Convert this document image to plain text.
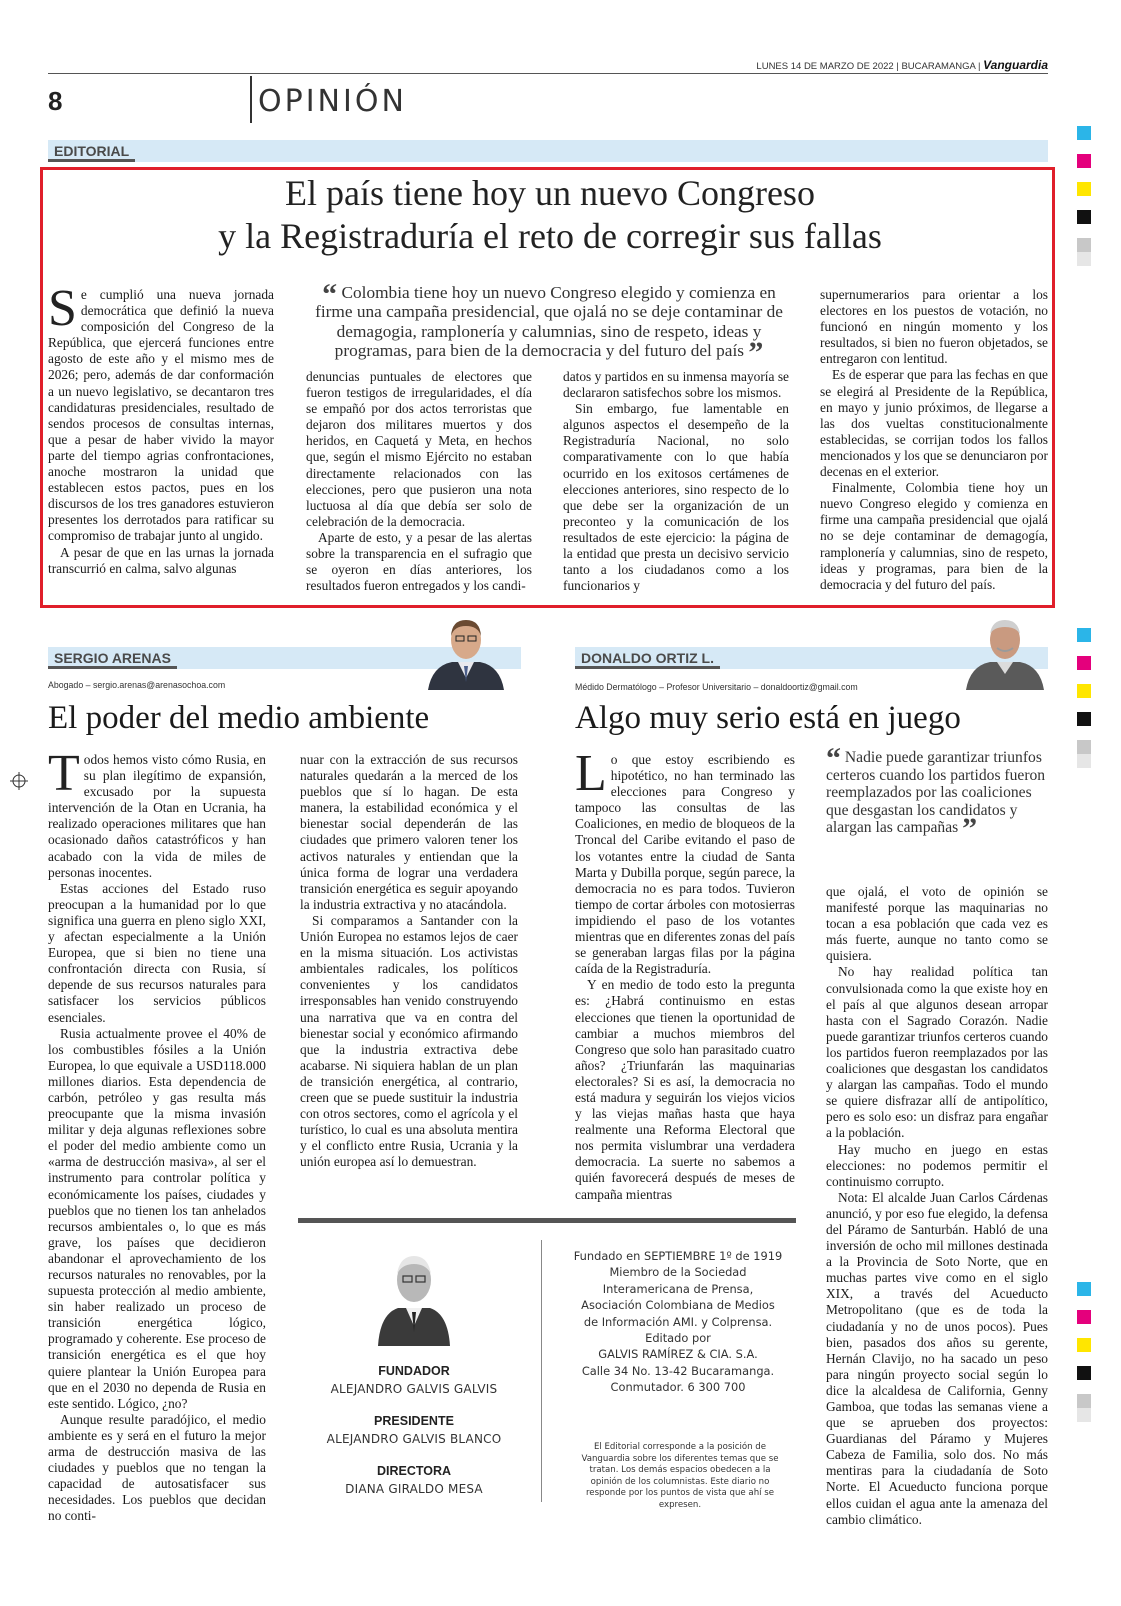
LUNES 14 DE MARZO DE 2022 | BUCARAMANGA | Vanguardia
8	OPINIÓN
EDITORIAL
El país tiene hoy un nuevo Congreso
y la Registraduría el reto de corregir sus fallas

Se cumplió una nueva jornada democrática que definió la nueva composición del Congreso de la República, que ejercerá funciones entre agosto de este año y el mismo mes de 2026; pero, además de dar conformación a un nuevo legislativo, se decantaron tres candidaturas presidenciales, resultado de sendos procesos de consultas internas, que a pesar de haber vivido la mayor parte del tiempo agrias confrontaciones, anoche mostraron la unidad que establecen estos pactos, pues en los discursos de los tres ganadores estuvieron presentes los derrotados para ratificar su compromiso de trabajar junto al ungido.

A pesar de que en las urnas la jornada transcurrió en calma, salvo algunas

“ Colombia tiene hoy un nuevo Congreso elegido y comienza en firme una campaña presidencial, que ojalá no se deje contaminar de demagogia, ramplonería y calumnias, sino de respeto, ideas y programas, para bien de la democracia y del futuro del país ”

denuncias puntuales de electores que fueron testigos de irregularidades, el día se empañó por dos actos terroristas que dejaron dos militares muertos y dos heridos, en Caquetá y Meta, en hechos que, según el mismo Ejército no estaban directamente relacionados con las elecciones, pero que pusieron una nota luctuosa al día que debía ser solo de celebración de la democracia.

Aparte de esto, y a pesar de las alertas sobre la transparencia en el sufragio que se oyeron en días anteriores, los resultados fueron entregados y los candi-

datos y partidos en su inmensa mayoría se declararon satisfechos sobre los mismos.

Sin embargo, fue lamentable en algunos aspectos el desempeño de la Registraduría Nacional, no solo comparativamente con lo que había ocurrido en los exitosos certámenes de elecciones anteriores, sino respecto de lo que debe ser la organización de un preconteo y la comunicación de los resultados de este ejercicio: la página de la entidad que presta un decisivo servicio tanto a los ciudadanos como a los funcionarios y

supernumerarios para orientar a los electores en los puestos de votación, no funcionó en ningún momento y los resultados, si bien no fueron objetados, se entregaron con lentitud.

Es de esperar que para las fechas en que se elegirá al Presidente de la República, en mayo y junio próximos, de llegarse a las dos vueltas constitucionalmente establecidas, se corrijan todos los fallos mencionados y los que se denunciaron por decenas en el exterior.

Finalmente, Colombia tiene hoy un nuevo Congreso elegido y comienza en firme una campaña presidencial que ojalá no se deje contaminar de demagogía, ramplonería y calumnias, sino de respeto, ideas y programas, para bien de la democracia y del futuro del país.

SERGIO ARENAS
Abogado – sergio.arenas@arenasochoa.com
El poder del medio ambiente

Todos hemos visto cómo Rusia, en su plan ilegítimo de expansión, excusado por la supuesta intervención de la Otan en Ucrania, ha realizado operaciones militares que han ocasionado daños catastróficos y han acabado con la vida de miles de personas inocentes.

Estas acciones del Estado ruso preocupan a la humanidad por lo que significa una guerra en pleno siglo XXI, y afectan especialmente a la Unión Europea, que si bien no tiene una confrontación directa con Rusia, sí depende de sus recursos naturales para satisfacer los servicios públicos esenciales.

Rusia actualmente provee el 40% de los combustibles fósiles a la Unión Europea, lo que equivale a USD118.000 millones diarios. Esta dependencia de carbón, petróleo y gas resulta más preocupante que la misma invasión militar y deja algunas reflexiones sobre el poder del medio ambiente como un «arma de destrucción masiva», al ser el instrumento para controlar política y económicamente los países, ciudades y pueblos que no tienen los tan anhelados recursos ambientales o, lo que es más grave, los países que decidieron abandonar el aprovechamiento de los recursos naturales no renovables, por la supuesta protección al medio ambiente, sin haber realizado un proceso de transición energética lógico, programado y coherente. Ese proceso de transición energética es el que hoy quiere plantear la Unión Europea para que en el 2030 no dependa de Rusia en este sentido. Lógico, ¿no?

Aunque resulte paradójico, el medio ambiente es y será en el futuro la mejor arma de destrucción masiva de las ciudades y pueblos que no tengan la capacidad de autosatisfacer sus necesidades. Los pueblos que decidan no conti-

nuar con la extracción de sus recursos naturales quedarán a la merced de los pueblos que sí lo hagan. De esta manera, la estabilidad económica y el bienestar social dependerán de las ciudades que primero valoren tener los activos naturales y entiendan que la única forma de lograr una verdadera transición energética es seguir apoyando la industria extractiva y no atacándola.

Si comparamos a Santander con la Unión Europea no estamos lejos de caer en la misma situación. Los activistas ambientales radicales, los políticos convenientes y los candidatos irresponsables han venido construyendo una narrativa que va en contra del bienestar social y económico afirmando que la industria extractiva debe acabarse. Ni siquiera hablan de un plan de transición energética, al contrario, creen que se puede sustituir la industria con otros sectores, como el agrícola y el turístico, lo cual es una absoluta mentira y el conflicto entre Rusia, Ucrania y la unión europea así lo demuestran.

DONALDO ORTIZ L.
Médido Dermatólogo – Profesor Universitario – donaldoortiz@gmail.com
Algo muy serio está en juego

Lo que estoy escribiendo es hipotético, no han terminado las elecciones para Congreso y tampoco las consultas de las Coaliciones, en medio de bloqueos de la Troncal del Caribe evitando el paso de los votantes entre la ciudad de Santa Marta y Dubilla porque, según parece, la democracia no es para todos. Tuvieron tiempo de cortar árboles con motosierras impidiendo el paso de los votantes mientras que en diferentes zonas del país se generaban largas filas por la página caída de la Registraduría.

Y en medio de todo esto la pregunta es: ¿Habrá continuismo en estas elecciones que tienen la oportunidad de cambiar a muchos miembros del Congreso que solo han parasitado cuatro años? ¿Triunfarán las maquinarias electorales? Si es así, la democracia no está madura y seguirán los viejos vicios y las viejas mañas hasta que haya realmente una Reforma Electoral que nos permita vislumbrar una verdadera democracia. La suerte no sabemos a quién favorecerá después de meses de campaña mientras

“ Nadie puede garantizar triunfos certeros cuando los partidos fueron reemplazados por las coaliciones que desgastan los candidatos y alargan las campañas ”

que ojalá, el voto de opinión se manifesté porque las maquinarias no tocan a esa población que cada vez es más fuerte, aunque no tanto como se quisiera.

No hay realidad política tan convulsionada como la que existe hoy en el país al que algunos desean arropar hasta con el Sagrado Corazón. Nadie puede garantizar triunfos certeros cuando los partidos fueron reemplazados por las coaliciones que desgastan los candidatos y alargan las campañas. Todo el mundo se quiere disfrazar allí de antipolítico, pero es solo eso: un disfraz para engañar a la población.

Hay mucho en juego en estas elecciones: no podemos permitir el continuismo corrupto.

Nota: El alcalde Juan Carlos Cárdenas anunció, y por eso fue elegido, la defensa del Páramo de Santurbán. Habló de una inversión de ocho mil millones destinada a la Provincia de Soto Norte, que en muchas partes vive como en el siglo XIX, a través del Acueducto Metropolitano (que es de toda la ciudadanía y no de unos pocos). Pues bien, pasados dos años su gerente, Hernán Clavijo, no ha sacado un peso para ningún proyecto social según lo dice la alcaldesa de California, Genny Gamboa, que todas las semanas viene a que se aprueben dos proyectos: Guardianas del Páramo y Mujeres Cabeza de Familia, solo dos. No más mentiras para la ciudadanía de Soto Norte. El Acueducto funciona porque ellos cuidan el agua ante la amenaza del cambio climático.

FUNDADOR
ALEJANDRO GALVIS GALVIS
PRESIDENTE
ALEJANDRO GALVIS BLANCO
DIRECTORA
DIANA GIRALDO MESA
Fundado en SEPTIEMBRE 1º de 1919
Miembro de la Sociedad
Interamericana de Prensa,
Asociación Colombiana de Medios
de Información AMI. y Colprensa.
Editado por
GALVIS RAMÍREZ & CIA. S.A.
Calle 34 No. 13-42 Bucaramanga.
Conmutador. 6 300 700
El Editorial corresponde a la posición de Vanguardia sobre los diferentes temas que se tratan. Los demás espacios obedecen a la opinión de los columnistas. Este diario no responde por los puntos de vista que ahí se expresen.
